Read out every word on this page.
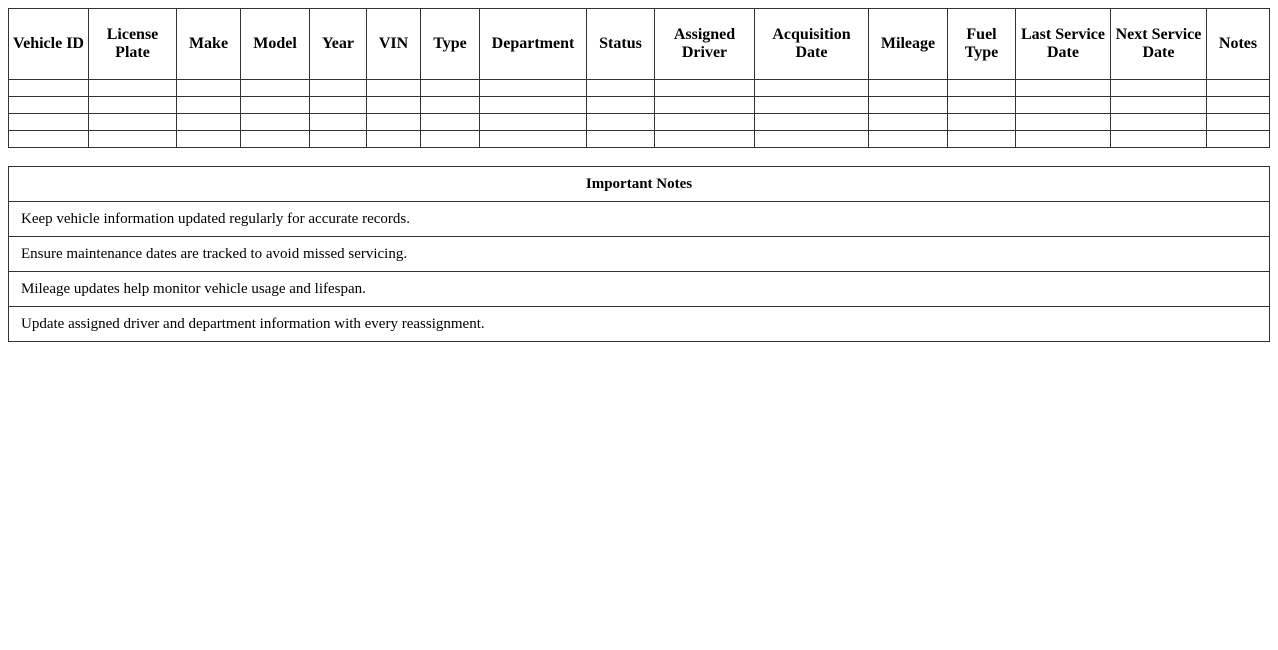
Vehicle ID	License Plate	Make	Model	Year	VIN	Type	Department	Status	Assigned Driver	Acquisition Date	Mileage	Fuel Type	Last Service Date	Next Service Date	Notes

Important Notes
Keep vehicle information updated regularly for accurate records.
Ensure maintenance dates are tracked to avoid missed servicing.
Mileage updates help monitor vehicle usage and lifespan.
Update assigned driver and department information with every reassignment.
